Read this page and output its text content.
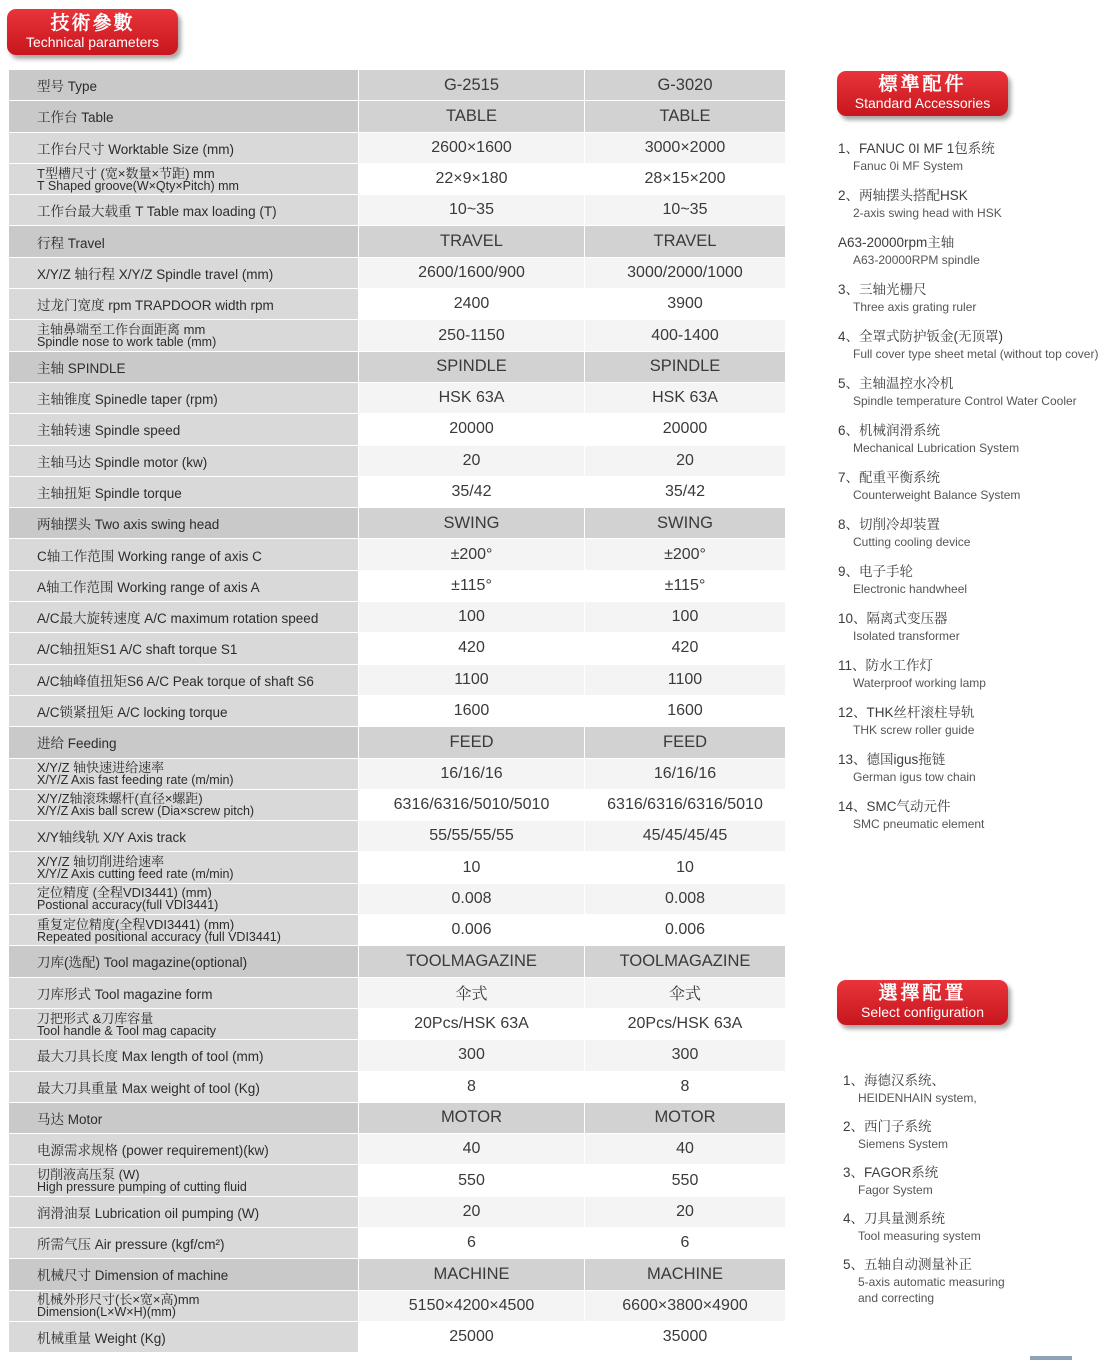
技術參數
Technical parameters
型号 Type	G-2515	G-3020
工作台 Table	TABLE	TABLE
工作台尺寸 Worktable Size (mm)	2600×1600	3000×2000
T型槽尺寸 (宽×数量×节距) mm
T Shaped groove(W×Qty×Pitch) mm	22×9×180	28×15×200
工作台最大载重 T Table max loading (T)	10~35	10~35
行程 Travel	TRAVEL	TRAVEL
X/Y/Z 轴行程 X/Y/Z Spindle travel (mm)	2600/1600/900	3000/2000/1000
过龙门宽度 rpm TRAPDOOR width rpm	2400	3900
主轴鼻端至工作台面距离 mm
Spindle nose to work table (mm)	250-1150	400-1400
主轴 SPINDLE	SPINDLE	SPINDLE
主轴锥度 Spinedle taper (rpm)	HSK 63A	HSK 63A
主轴转速 Spindle speed	20000	20000
主轴马达 Spindle motor (kw)	20	20
主轴扭矩 Spindle torque	35/42	35/42
两轴摆头 Two axis swing head	SWING	SWING
C轴工作范围 Working range of axis C	±200°	±200°
A轴工作范围 Working range of axis A	±115°	±115°
A/C最大旋转速度 A/C maximum rotation speed	100	100
A/C轴扭矩S1 A/C shaft torque S1	420	420
A/C轴峰值扭矩S6 A/C Peak torque of shaft S6	1100	1100
A/C锁紧扭矩 A/C locking torque	1600	1600
进给 Feeding	FEED	FEED
X/Y/Z 轴快速进给速率
X/Y/Z Axis fast feeding rate (m/min)	16/16/16	16/16/16
X/Y/Z轴滚珠螺杆(直径×螺距)
X/Y/Z Axis ball screw (Dia×screw pitch)	6316/6316/5010/5010	6316/6316/6316/5010
X/Y轴线轨 X/Y Axis track	55/55/55/55	45/45/45/45
X/Y/Z 轴切削进给速率
X/Y/Z Axis cutting feed rate (m/min)	10	10
定位精度 (全程VDI3441) (mm)
Postional accuracy(full VDI3441)	0.008	0.008
重复定位精度(全程VDI3441) (mm)
Repeated positional accuracy (full VDI3441)	0.006	0.006
刀库(选配) Tool magazine(optional)	TOOLMAGAZINE	TOOLMAGAZINE
刀库形式 Tool magazine form	伞式	伞式
刀把形式 &刀库容量
Tool handle & Tool mag capacity	20Pcs/HSK 63A	20Pcs/HSK 63A
最大刀具长度 Max length of tool (mm)	300	300
最大刀具重量 Max weight of tool (Kg)	8	8
马达 Motor	MOTOR	MOTOR
电源需求规格 (power requirement)(kw)	40	40
切削液高压泵 (W)
High pressure pumping of cutting fluid	550	550
润滑油泵 Lubrication oil pumping (W)	20	20
所需气压 Air pressure (kgf/cm²)	6	6
机械尺寸 Dimension of machine	MACHINE	MACHINE
机械外形尺寸(长×宽×高)mm
Dimension(L×W×H)(mm)	5150×4200×4500	6600×3800×4900
机械重量 Weight (Kg)	25000	35000
標準配件
Standard Accessories
1、FANUC 0I MF 1包系统
Fanuc 0i MF System
2、两轴摆头搭配HSK
2-axis swing head with HSK
A63-20000rpm主轴
A63-20000RPM spindle
3、三轴光栅尺
Three axis grating ruler
4、全罩式防护钣金(无顶罩)
Full cover type sheet metal (without top cover)
5、主轴温控水冷机
Spindle temperature Control Water Cooler
6、机械润滑系统
Mechanical Lubrication System
7、配重平衡系统
Counterweight Balance System
8、切削冷却装置
Cutting cooling device
9、电子手轮
Electronic handwheel
10、隔离式变压器
Isolated transformer
11、防水工作灯
Waterproof working lamp
12、THK丝杆滚柱导轨
THK screw roller guide
13、德国igus拖链
German igus tow chain
14、SMC气动元件
SMC pneumatic element
選擇配置
Select configuration
1、海德汉系统、
HEIDENHAIN system,
2、西门子系统
Siemens System
3、FAGOR系统
Fagor System
4、刀具量测系统
Tool measuring system
5、五轴自动测量补正
5-axis automatic measuring
and correcting
